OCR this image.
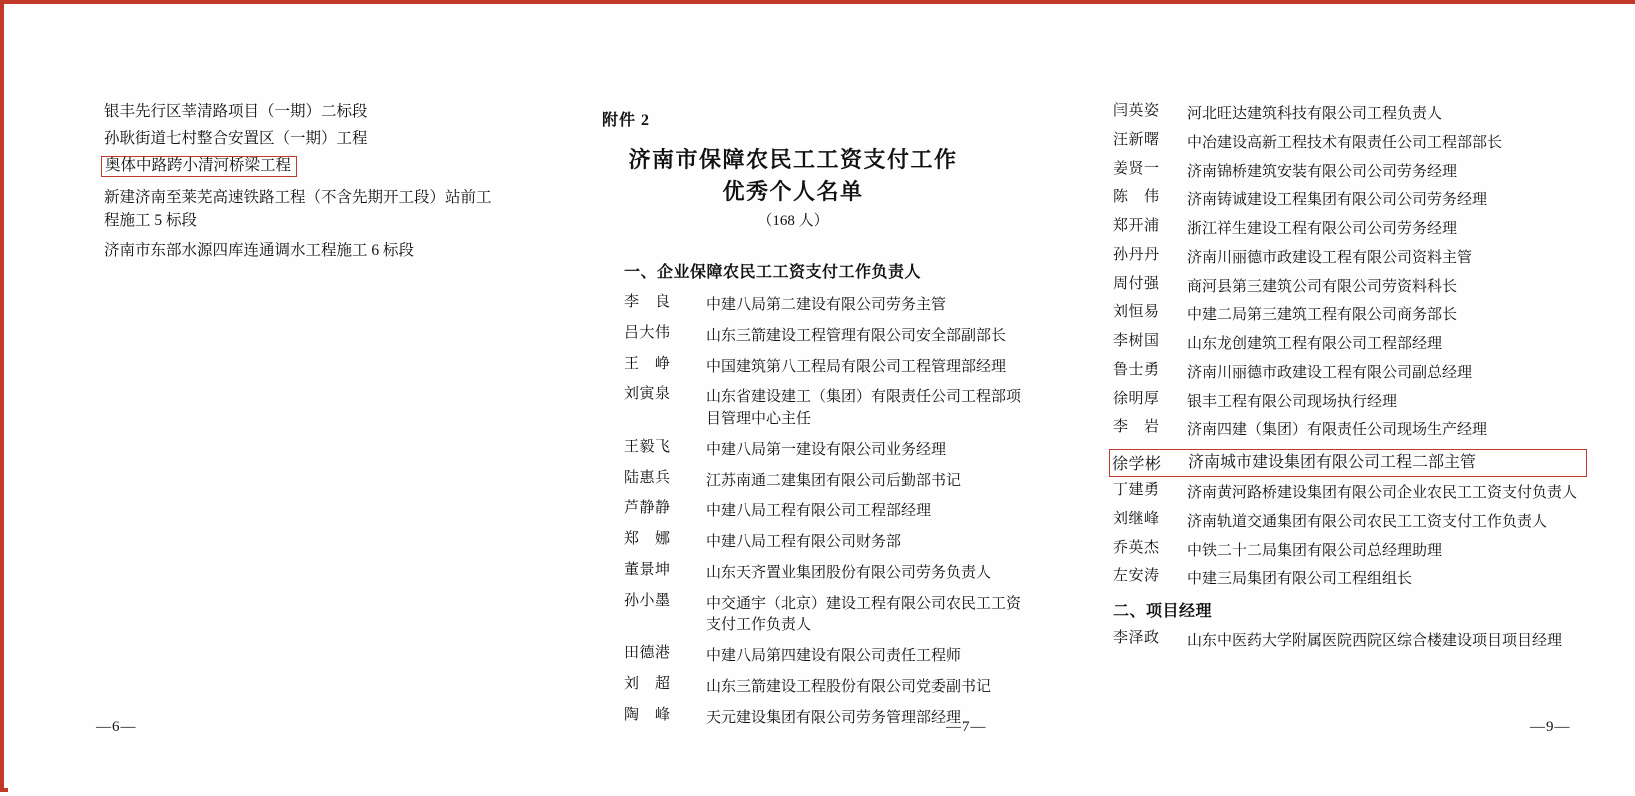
银丰先行区莘清路项目（一期）二标段
孙耿街道七村整合安置区（一期）工程
奥体中路跨小清河桥梁工程
新建济南至莱芜高速铁路工程（不含先期开工段）站前工程施工 5 标段
济南市东部水源四库连通调水工程施工 6 标段
—6—
附件 2
济南市保障农民工工资支付工作
优秀个人名单
（168 人）
一、企业保障农民工工资支付工作负责人
李　良	中建八局第二建设有限公司劳务主管
吕大伟	山东三箭建设工程管理有限公司安全部副部长
王　峥	中国建筑第八工程局有限公司工程管理部经理
刘寅泉	山东省建设建工（集团）有限责任公司工程部项目管理中心主任
王毅飞	中建八局第一建设有限公司业务经理
陆惠兵	江苏南通二建集团有限公司后勤部书记
芦静静	中建八局工程有限公司工程部经理
郑　娜	中建八局工程有限公司财务部
董景坤	山东天齐置业集团股份有限公司劳务负责人
孙小墨	中交通宇（北京）建设工程有限公司农民工工资支付工作负责人
田德港	中建八局第四建设有限公司责任工程师
刘　超	山东三箭建设工程股份有限公司党委副书记
陶　峰	天元建设集团有限公司劳务管理部经理
—7—
闫英姿	河北旺达建筑科技有限公司工程负责人
汪新曙	中冶建设高新工程技术有限责任公司工程部部长
姜贤一	济南锦桥建筑安装有限公司公司劳务经理
陈　伟	济南铸诚建设工程集团有限公司公司劳务经理
郑开浦	浙江祥生建设工程有限公司公司劳务经理
孙丹丹	济南川丽德市政建设工程有限公司资料主管
周付强	商河县第三建筑公司有限公司劳资料科长
刘恒易	中建二局第三建筑工程有限公司商务部长
李树国	山东龙创建筑工程有限公司工程部经理
鲁士勇	济南川丽德市政建设工程有限公司副总经理
徐明厚	银丰工程有限公司现场执行经理
李　岩	济南四建（集团）有限责任公司现场生产经理
徐学彬	济南城市建设集团有限公司工程二部主管
丁建勇	济南黄河路桥建设集团有限公司企业农民工工资支付负责人
刘继峰	济南轨道交通集团有限公司农民工工资支付工作负责人
乔英杰	中铁二十二局集团有限公司总经理助理
左安涛	中建三局集团有限公司工程组组长
二、项目经理
李泽政	山东中医药大学附属医院西院区综合楼建设项目项目经理
—9—
